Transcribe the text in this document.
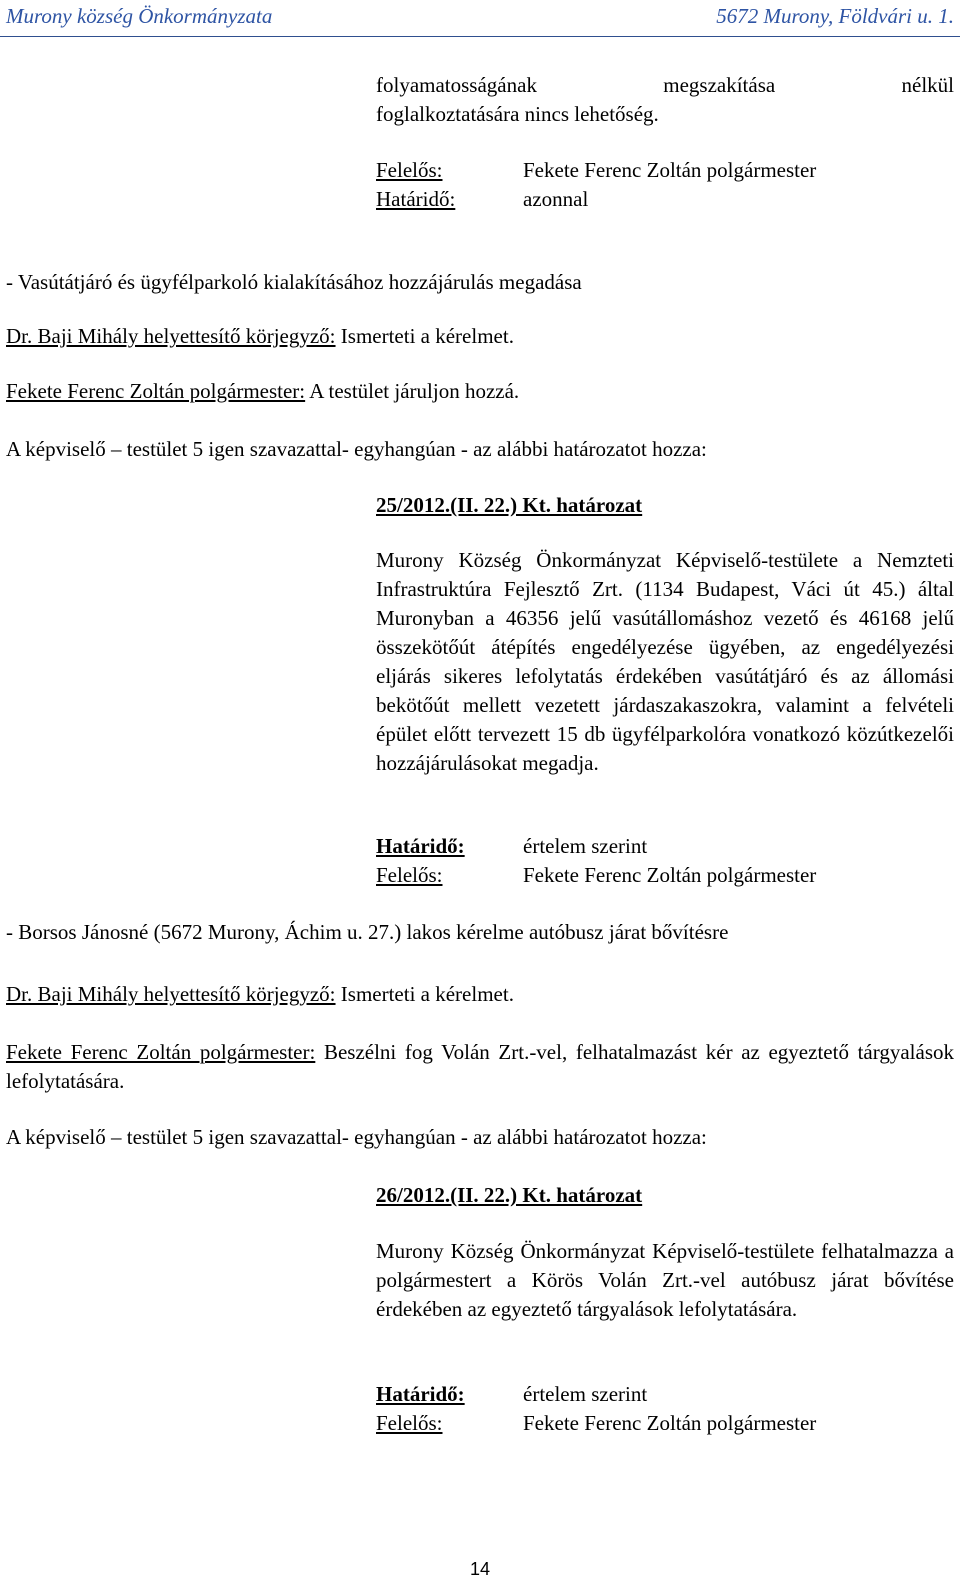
Murony község Önkormányzata	5672 Murony, Földvári u. 1.
folyamatosságának megszakítása nélkül
foglalkoztatására nincs lehetőség.
Felelős:	Fekete Ferenc Zoltán polgármester
Határidő:	azonnal
- Vasútátjáró és ügyfélparkoló kialakításához hozzájárulás megadása
Dr. Baji Mihály helyettesítő körjegyző: Ismerteti a kérelmet.
Fekete Ferenc Zoltán polgármester: A testület járuljon hozzá.
A képviselő – testület 5 igen szavazattal- egyhangúan - az alábbi határozatot hozza:
25/2012.(II. 22.) Kt. határozat
Murony Község Önkormányzat Képviselő-testülete a Nemzteti Infrastruktúra Fejlesztő Zrt. (1134 Budapest, Váci út 45.) által Muronyban a 46356 jelű vasútállomáshoz vezető és 46168 jelű összekötőút átépítés engedélyezése ügyében, az engedélyezési eljárás sikeres lefolytatás érdekében vasútátjáró és az állomási bekötőút mellett vezetett járdaszakaszokra, valamint a felvételi épület előtt tervezett 15 db ügyfélparkolóra vonatkozó közútkezelői hozzájárulásokat megadja.
Határidő:	értelem szerint
Felelős:	Fekete Ferenc Zoltán polgármester
- Borsos Jánosné (5672 Murony, Áchim u. 27.) lakos kérelme autóbusz járat bővítésre
Dr. Baji Mihály helyettesítő körjegyző: Ismerteti a kérelmet.
Fekete Ferenc Zoltán polgármester: Beszélni fog Volán Zrt.-vel, felhatalmazást kér az egyeztető tárgyalások lefolytatására.
A képviselő – testület 5 igen szavazattal- egyhangúan - az alábbi határozatot hozza:
26/2012.(II. 22.) Kt. határozat
Murony Község Önkormányzat Képviselő-testülete felhatalmazza a polgármestert a Körös Volán Zrt.-vel autóbusz járat bővítése érdekében az egyeztető tárgyalások lefolytatására.
Határidő:	értelem szerint
Felelős:	Fekete Ferenc Zoltán polgármester
14
